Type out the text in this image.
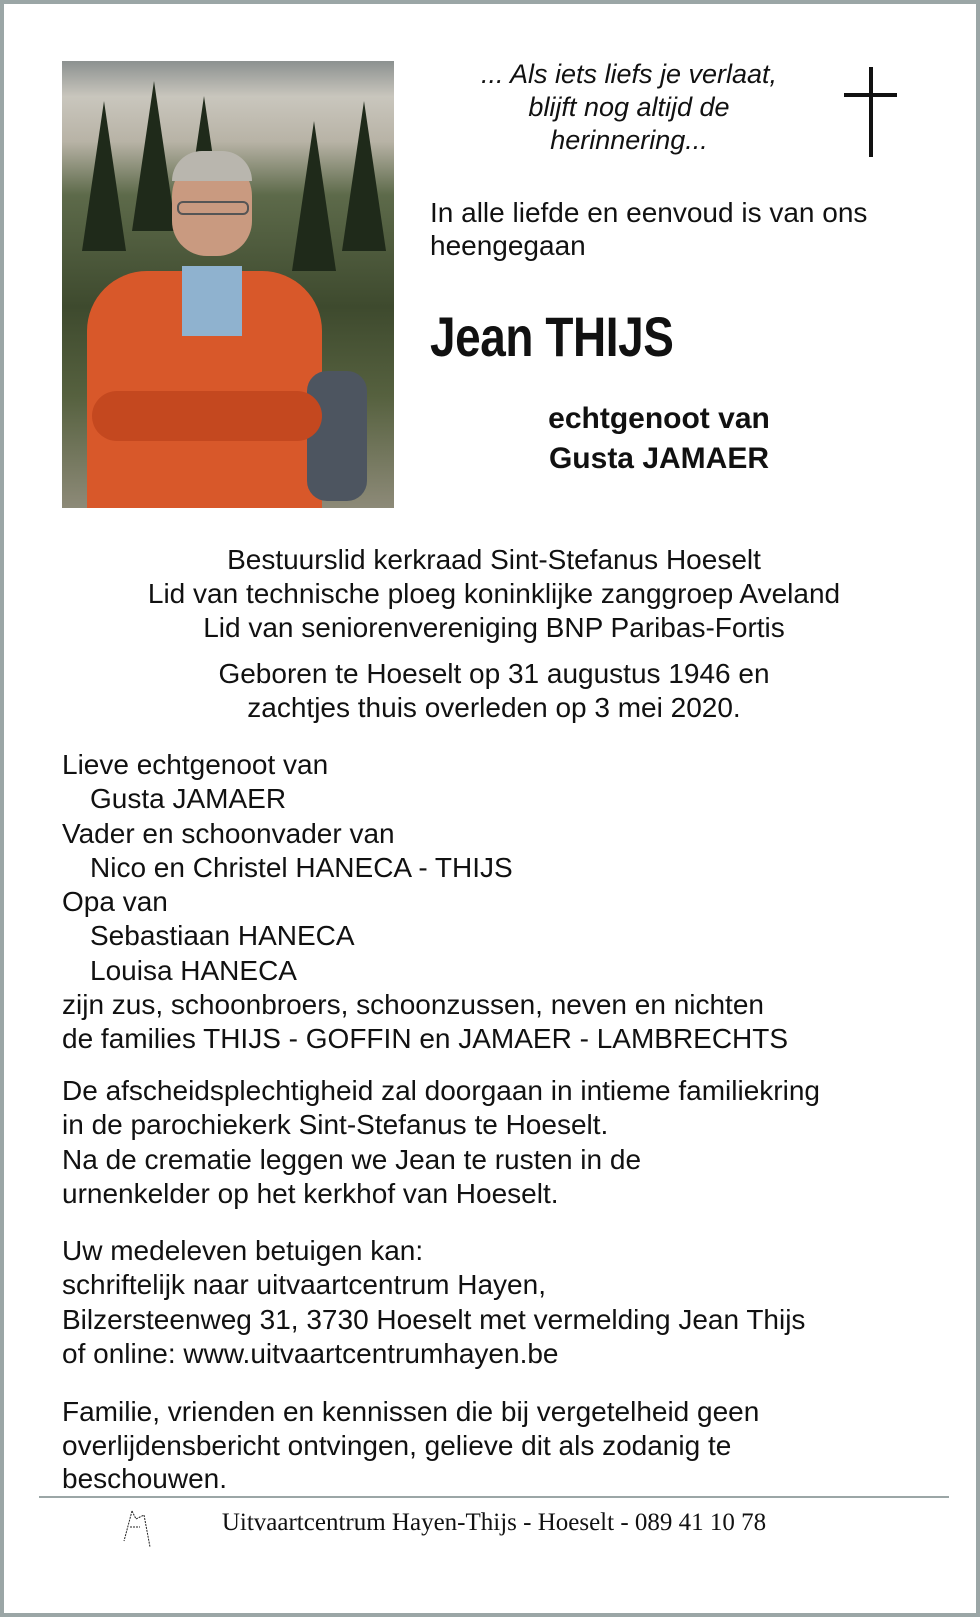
... Als iets liefs je verlaat,
blijft nog altijd de
herinnering...
In alle liefde en eenvoud is van ons
heengegaan
Jean THIJS
echtgenoot van
Gusta JAMAER
Bestuurslid kerkraad Sint-Stefanus Hoeselt
Lid van technische ploeg koninklijke zanggroep Aveland
Lid van seniorenvereniging BNP Paribas-Fortis
Geboren te Hoeselt op 31 augustus 1946 en
zachtjes thuis overleden op 3 mei 2020.
Lieve echtgenoot van
Gusta JAMAER
Vader en schoonvader van
Nico en Christel HANECA - THIJS
Opa van
Sebastiaan HANECA
Louisa HANECA
zijn zus, schoonbroers, schoonzussen, neven en nichten
de families THIJS - GOFFIN en JAMAER - LAMBRECHTS
De afscheidsplechtigheid zal doorgaan in intieme familiekring
in de parochiekerk Sint-Stefanus te Hoeselt.
Na de crematie leggen we Jean te rusten in de
urnenkelder op het kerkhof van Hoeselt.
Uw medeleven betuigen kan:
schriftelijk naar uitvaartcentrum Hayen,
Bilzersteenweg 31, 3730 Hoeselt met vermelding Jean Thijs
of online: www.uitvaartcentrumhayen.be
Familie, vrienden en kennissen die bij vergetelheid geen
overlijdensbericht ontvingen, gelieve dit als zodanig te
beschouwen.
Uitvaartcentrum Hayen-Thijs - Hoeselt - 089 41 10 78
